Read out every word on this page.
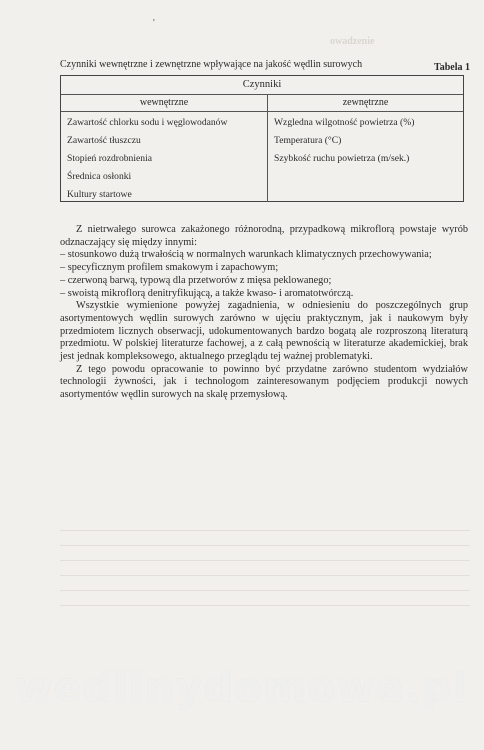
'
owadzenie
Tabela 1
Czynniki wewnętrzne i zewnętrzne wpływające na jakość wędlin surowych
Czynniki
wewnętrzne
Zawartość chlorku sodu i węglowodanów
Zawartość tłuszczu
Stopień rozdrobnienia
Średnica osłonki
Kultury startowe
zewnętrzne
Wzgledna wilgotność powietrza (%)
Temperatura (°C)
Szybkość ruchu powietrza (m/sek.)

Z nietrwałego surowca zakażonego różnorodną, przypadkową mikroflorą powstaje wyrób odznaczający się między innymi:

– stosunkowo dużą trwałością w normalnych warunkach klimatycznych przechowywania;

– specyficznym profilem smakowym i zapachowym;

– czerwoną barwą, typową dla przetworów z mięsa peklowanego;

– swoistą mikroflorą denitryfikującą, a także kwaso- i aromatotwórczą.

Wszystkie wymienione powyżej zagadnienia, w odniesieniu do poszczególnych grup asortymentowych wędlin surowych zarówno w ujęciu praktycznym, jak i naukowym były przedmiotem licznych obserwacji, udokumentowanych bardzo bogatą ale rozproszoną literaturą przedmiotu. W polskiej literaturze fachowej, a z całą pewnością w literaturze akademickiej, brak jest jednak kompleksowego, aktualnego przeglądu tej ważnej problematyki.

Z tego powodu opracowanie to powinno być przydatne zarówno studentom wydziałów technologii żywności, jak i technologom zainteresowanym podjęciem produkcji nowych asortymentów wędlin surowych na skalę przemysłową.

wedlinydomowe.pl
